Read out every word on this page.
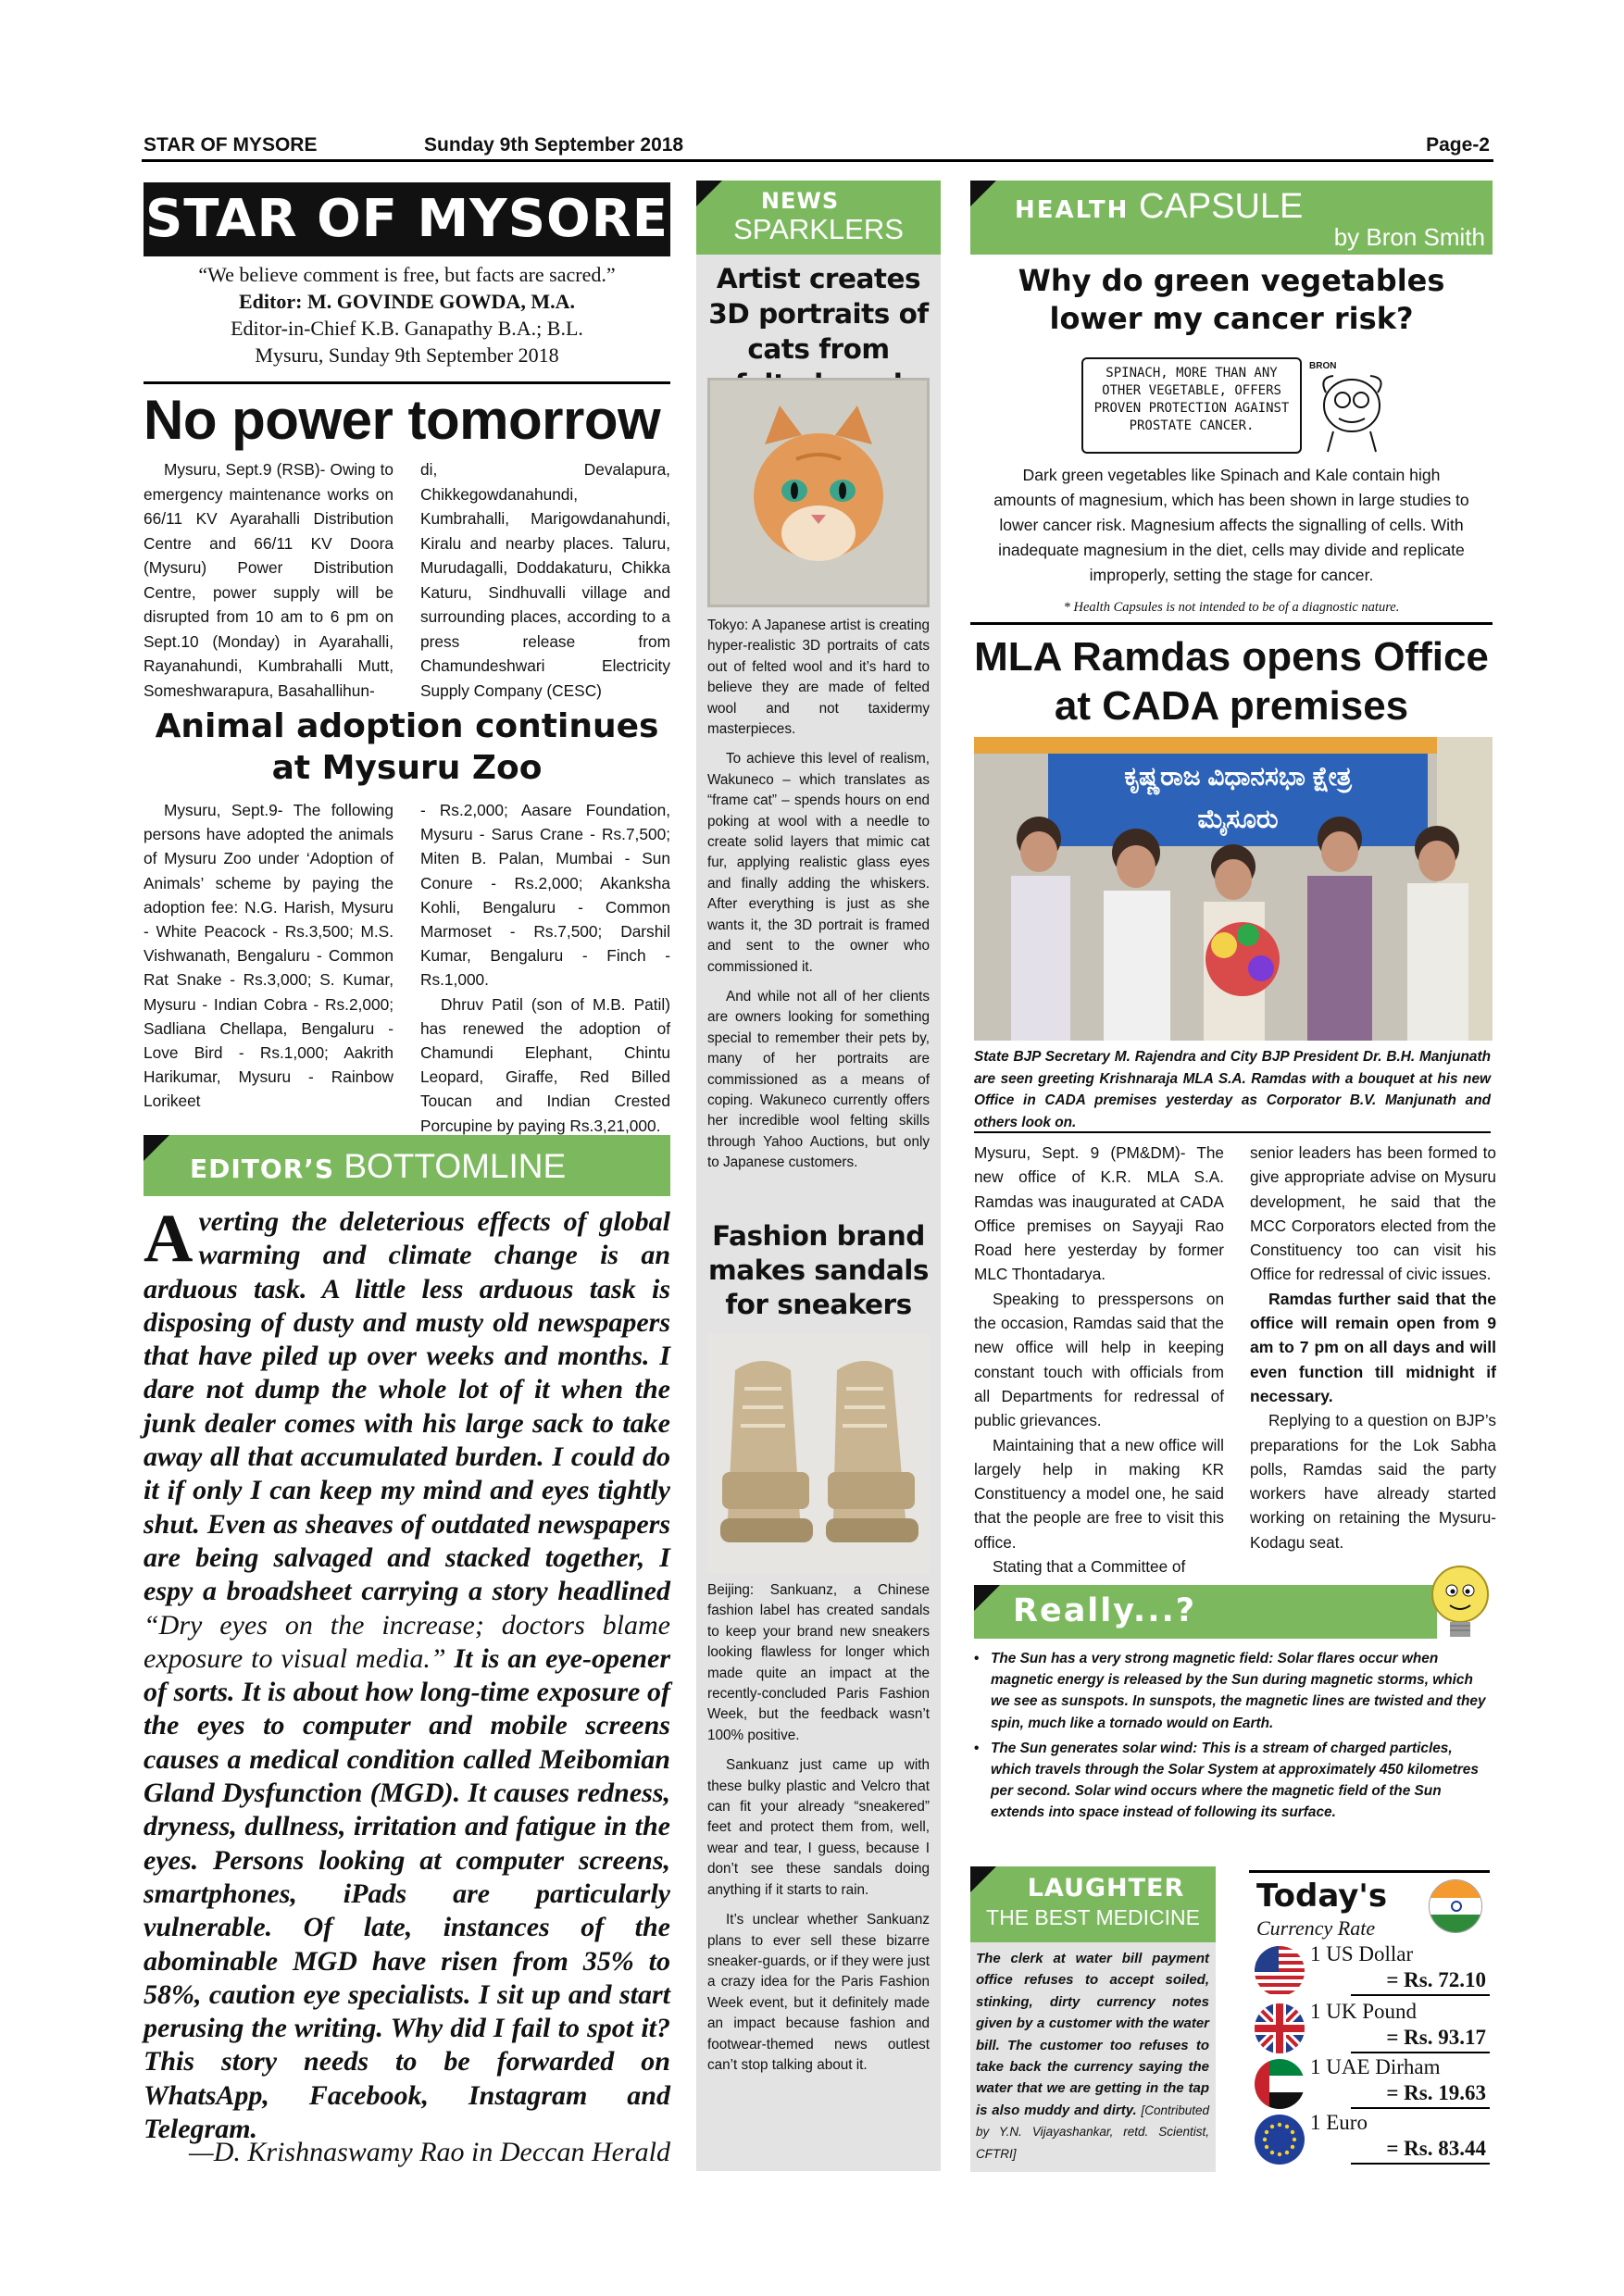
STAR OF MYSORE	Sunday 9th September 2018	Page-2
STAR OF MYSORE
“We believe comment is free, but facts are sacred.”
Editor: M. GOVINDE GOWDA, M.A.
Editor-in-Chief K.B. Ganapathy B.A.; B.L.
Mysuru, Sunday 9th September 2018
No power tomorrow

Mysuru, Sept.9 (RSB)- Owing to emergency maintenance works on 66/11 KV Ayarahalli Distribution Centre and 66/11 KV Doora (Mysuru) Power Distribution Centre, power supply will be disrupted from 10 am to 6 pm on Sept.10 (Monday) in Ayarahalli, Rayanahundi, Kumbrahalli Mutt, Someshwarapura, Basahallihun-

di, Devalapura, Chikkegowdanahundi, Kumbrahalli, Marigowdanahundi, Kiralu and nearby places. Taluru, Murudagalli, Doddakaturu, Chikka Katuru, Sindhuvalli village and surrounding places, according to a press release from Chamundeshwari Electricity Supply Company (CESC)
Animal adoption continues
at Mysuru Zoo

Mysuru, Sept.9- The following persons have adopted the animals of Mysuru Zoo under ‘Adoption of Animals’ scheme by paying the adoption fee: N.G. Harish, Mysuru - White Peacock - Rs.3,500; M.S. Vishwanath, Bengaluru - Common Rat Snake - Rs.3,000; S. Kumar, Mysuru - Indian Cobra - Rs.2,000; Sadliana Chellapa, Bengaluru - Love Bird - Rs.1,000; Aakrith Harikumar, Mysuru - Rainbow Lorikeet

- Rs.2,000; Aasare Foundation, Mysuru - Sarus Crane - Rs.7,500; Miten B. Palan, Mumbai - Sun Conure - Rs.2,000; Akanksha Kohli, Bengaluru - Common Marmoset - Rs.7,500; Darshil Kumar, Bengaluru - Finch - Rs.1,000.

Dhruv Patil (son of M.B. Patil) has renewed the adoption of Chamundi Elephant, Chintu Leopard, Giraffe, Red Billed Toucan and Indian Crested Porcupine by paying Rs.3,21,000.

EDITOR’S BOTTOMLINE
Averting the deleterious effects of global warming and climate change is an arduous task. A little less arduous task is disposing of dusty and musty old newspapers that have piled up over weeks and months. I dare not dump the whole lot of it when the junk dealer comes with his large sack to take away all that accumulated burden. I could do it if only I can keep my mind and eyes tightly shut. Even as sheaves of outdated newspapers are being salvaged and stacked together, I espy a broadsheet carrying a story headlined “Dry eyes on the increase; doctors blame exposure to visual media.” It is an eye-opener of sorts. It is about how long-time exposure of the eyes to computer and mobile screens causes a medical condition called Meibomian Gland Dysfunction (MGD). It causes redness, dryness, dullness, irritation and fatigue in the eyes. Persons looking at computer screens, smartphones, iPads are particularly vulnerable. Of late, instances of the abominable MGD have risen from 35% to 58%, caution eye specialists. I sit up and start perusing the writing. Why did I fail to spot it? This story needs to be forwarded on WhatsApp, Facebook, Instagram and Telegram.
—D. Krishnaswamy Rao in Deccan Herald
NEWS
SPARKLERS
Artist creates 3D portraits of cats from
Tokyo: A Japanese artist is creating hyper-realistic 3D portraits of cats out of felted wool and it’s hard to believe they are made of felted wool and not taxidermy masterpieces.
To achieve this level of realism, Wakuneco – which translates as “frame cat” – spends hours on end poking at wool with a needle to create solid layers that mimic cat fur, applying realistic glass eyes and finally adding the whiskers. After everything is just as she wants it, the 3D portrait is framed and sent to the owner who commissioned it.
And while not all of her clients are owners looking for something special to remember their pets by, many of her portraits are commissioned as a means of coping. Wakuneco currently offers her incredible wool felting skills through Yahoo Auctions, but only to Japanese customers.
Fashion brand makes sandals for sneakers
Beijing: Sankuanz, a Chinese fashion label has created sandals to keep your brand new sneakers looking flawless for longer which made quite an impact at the recently-concluded Paris Fashion Week, but the feedback wasn’t 100% positive.
Sankuanz just came up with these bulky plastic and Velcro that can fit your already “sneakered” feet and protect them from, well, wear and tear, I guess, because I don’t see these sandals doing anything if it starts to rain.
It’s unclear whether Sankuanz plans to ever sell these bizarre sneaker-guards, or if they were just a crazy idea for the Paris Fashion Week event, but it definitely made an impact because fashion and footwear-themed news outlest can’t stop talking about it.
HEALTH CAPSULE
by Bron Smith
Why do green vegetables lower my cancer risk?
SPINACH, MORE THAN ANY OTHER VEGETABLE, OFFERS PROVEN PROTECTION AGAINST PROSTATE CANCER.
BRON
Dark green vegetables like Spinach and Kale contain high amounts of magnesium, which has been shown in large studies to lower cancer risk. Magnesium affects the signalling of cells. With inadequate magnesium in the diet, cells may divide and replicate improperly, setting the stage for cancer.
* Health Capsules is not intended to be of a diagnostic nature.
MLA Ramdas opens Office
at CADA premises
ಕೃಷ್ಣರಾಜ ವಿಧಾನಸಭಾ ಕ್ಷೇತ್ರ
ಮೈಸೂರು
State BJP Secretary M. Rajendra and City BJP President Dr. B.H. Manjunath are seen greeting Krishnaraja MLA S.A. Ramdas with a bouquet at his new Office in CADA premises yesterday as Corporator B.V. Manjunath and others look on.
Mysuru, Sept. 9 (PM&DM)- The new office of K.R. MLA S.A. Ramdas was inaugurated at CADA Office premises on Sayyaji Rao Road here yesterday by former MLC Thontadarya.
Speaking to presspersons on the occasion, Ramdas said that the new office will help in keeping constant touch with officials from all Departments for redressal of public grievances.
Maintaining that a new office will largely help in making KR Constituency a model one, he said that the people are free to visit this office.
Stating that a Committee of
senior leaders has been formed to give appropriate advise on Mysuru development, he said that the MCC Corporators elected from the Constituency too can visit his Office for redressal of civic issues.
Ramdas further said that the office will remain open from 9 am to 7 pm on all days and will even function till midnight if necessary.
Replying to a question on BJP’s preparations for the Lok Sabha polls, Ramdas said the party workers have already started working on retaining the Mysuru-Kodagu seat.
Really...?
• The Sun has a very strong magnetic field: Solar flares occur when magnetic energy is released by the Sun during magnetic storms, which we see as sunspots. In sunspots, the magnetic lines are twisted and they spin, much like a tornado would on Earth.
• The Sun generates solar wind: This is a stream of charged particles, which travels through the Solar System at approximately 450 kilometres per second. Solar wind occurs where the magnetic field of the Sun extends into space instead of following its surface.
LAUGHTER
THE BEST MEDICINE
The clerk at water bill payment office refuses to accept soiled, stinking, dirty currency notes given by a customer with the water bill. The customer too refuses to take back the currency saying the water that we are getting in the tap is also muddy and dirty. [Contributed by Y.N. Vijayashankar, retd. Scientist, CFTRI]
Today's
Currency Rate
1 US Dollar
= Rs. 72.10
1 UK Pound
= Rs. 93.17
1 UAE Dirham
= Rs. 19.63
1 Euro
= Rs. 83.44
